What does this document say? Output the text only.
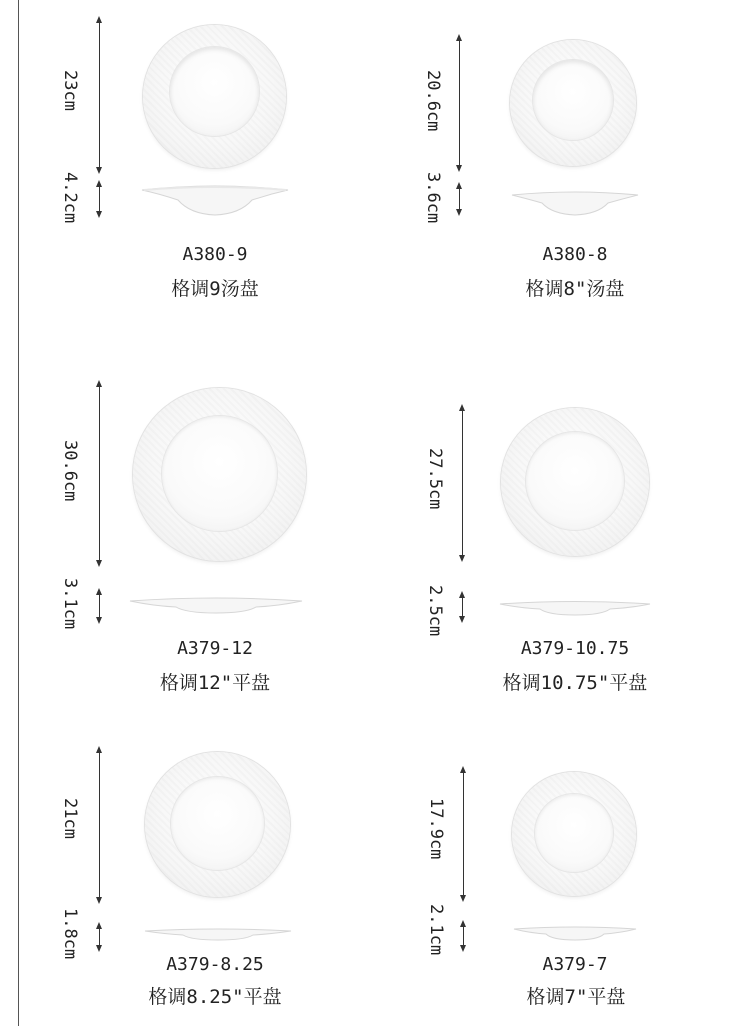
23cm
4.2cm
A380-9
格调9汤盘
20.6cm
3.6cm
A380-8
格调8"汤盘
30.6cm
3.1cm
A379-12
格调12"平盘
27.5cm
2.5cm
A379-10.75
格调10.75"平盘
21cm
1.8cm
A379-8.25
格调8.25"平盘
17.9cm
2.1cm
A379-7
格调7"平盘
